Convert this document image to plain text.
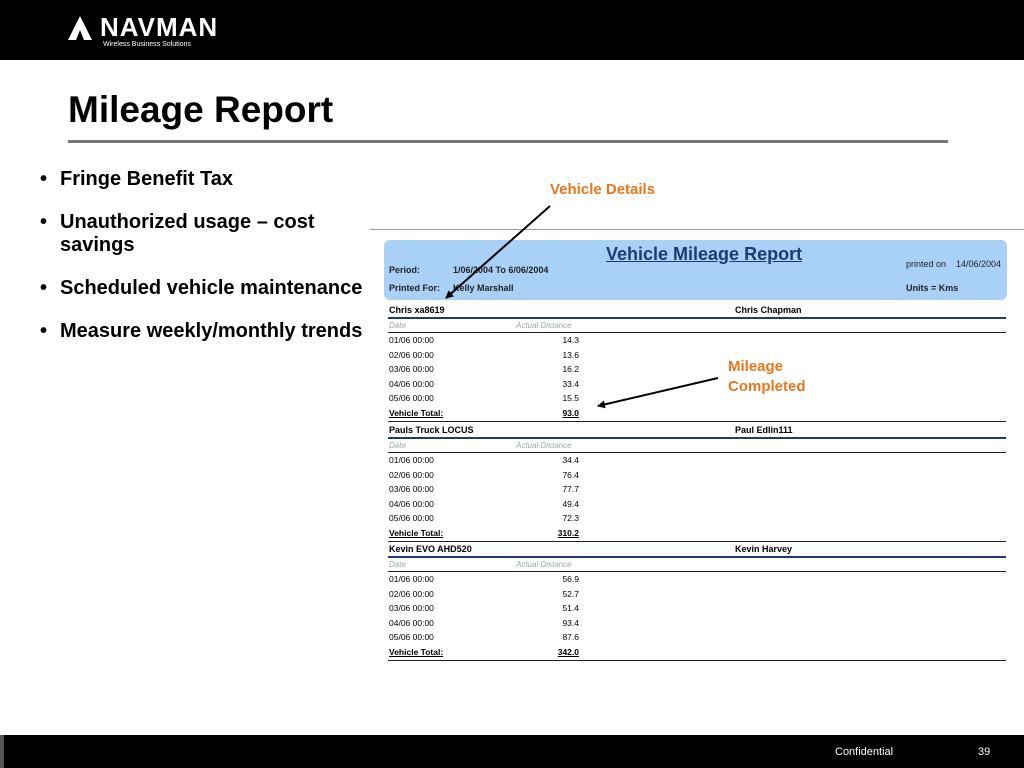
NAVMAN
Wireless Business Solutions
Mileage Report
• Fringe Benefit Tax
• Unauthorized usage – cost savings
• Scheduled vehicle maintenance
• Measure weekly/monthly trends
Vehicle Details
Mileage Completed
Vehicle Mileage Report
Period:	1/06/2004 To 6/06/2004
Printed For: Kelly Marshall
printed on 14/06/2004
Units = Kms
Chris xa8619	Chris Chapman
Date	Actual Distance
01/06 00:00	14.3
02/06 00:00	13.6
03/06 00:00	16.2
04/06 00:00	33.4
05/06 00:00	15.5
Vehicle Total:	93.0
Pauls Truck LOCUS	Paul Edlin111
Date	Actual Distance
01/06 00:00	34.4
02/06 00:00	76.4
03/06 00:00	77.7
04/06 00:00	49.4
05/06 00:00	72.3
Vehicle Total:	310.2
Kevin EVO AHD520	Kevin Harvey
Date	Actual Distance
01/06 00:00	56.9
02/06 00:00	52.7
03/06 00:00	51.4
04/06 00:00	93.4
05/06 00:00	87.6
Vehicle Total:	342.0
Confidential	39
